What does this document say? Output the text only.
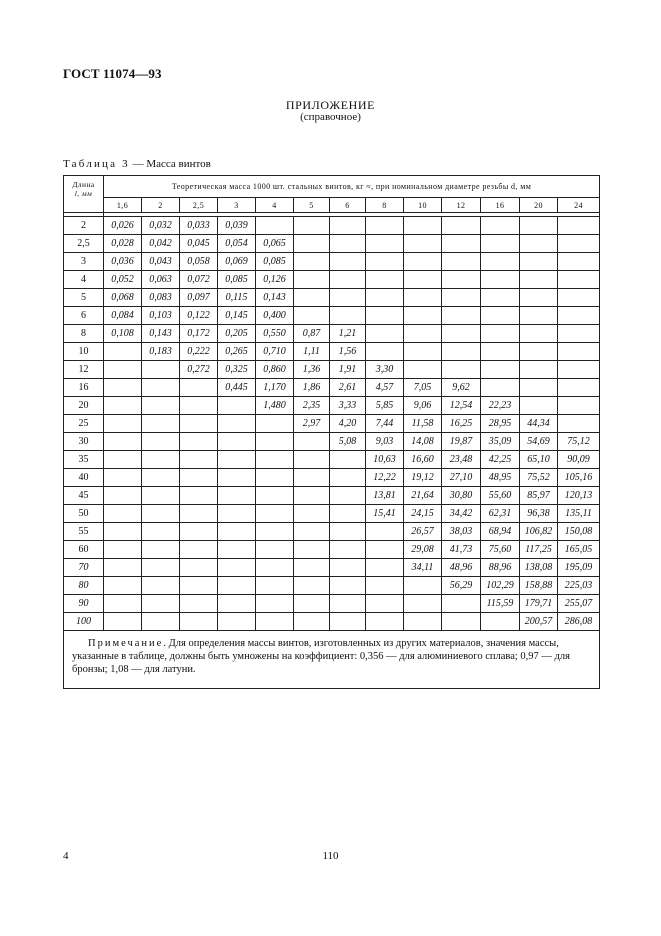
ГОСТ 11074—93
ПРИЛОЖЕНИЕ
(справочное)
Таблица 3 — Масса винтов
Длина
l, мм	Теоретическая масса 1000 шт. стальных винтов, кг ≈, при номинальном диаметре резьбы d, мм												
	1,6	2	2,5	3	4	5	6	8	10	12	16	20	24

2	0,026	0,032	0,033	0,039									
2,5	0,028	0,042	0,045	0,054	0,065								
3	0,036	0,043	0,058	0,069	0,085								
4	0,052	0,063	0,072	0,085	0,126								
5	0,068	0,083	0,097	0,115	0,143								
6	0,084	0,103	0,122	0,145	0,400								
8	0,108	0,143	0,172	0,205	0,550	0,87	1,21						
10		0,183	0,222	0,265	0,710	1,11	1,56						
12			0,272	0,325	0,860	1,36	1,91	3,30					
16				0,445	1,170	1,86	2,61	4,57	7,05	9,62			
20					1,480	2,35	3,33	5,85	9,06	12,54	22,23		
25						2,97	4,20	7,44	11,58	16,25	28,95	44,34	
30							5,08	9,03	14,08	19,87	35,09	54,69	75,12
35								10,63	16,60	23,48	42,25	65,10	90,09
40								12,22	19,12	27,10	48,95	75,52	105,16
45								13,81	21,64	30,80	55,60	85,97	120,13
50								15,41	24,15	34,42	62,31	96,38	135,11
55									26,57	38,03	68,94	106,82	150,08
60									29,08	41,73	75,60	117,25	165,05
70									34,11	48,96	88,96	138,08	195,09
80										56,29	102,29	158,88	225,03
90											115,59	179,71	255,07
100												200,57	286,08
Примечание. Для определения массы винтов, изготовленных из других материалов, значения массы, указанные в таблице, должны быть умножены на коэффициент: 0,356 — для алюминиевого сплава; 0,97 — для бронзы; 1,08 — для латуни.													
4	110
